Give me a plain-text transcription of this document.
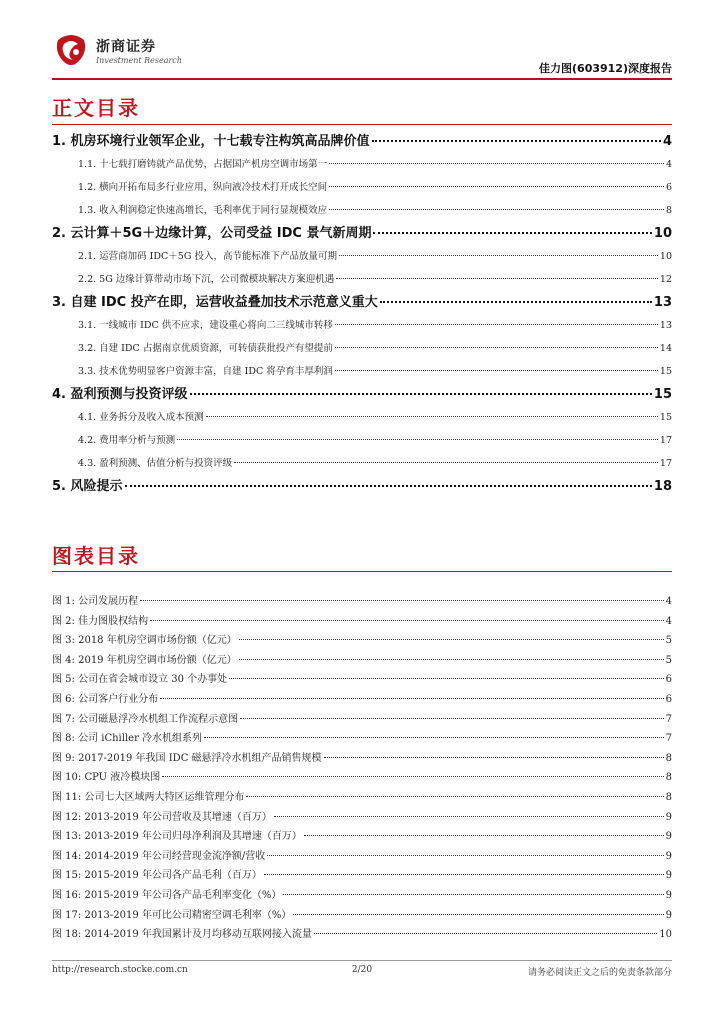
浙商证券
Investment Research
佳力图(603912)深度报告
正文目录
1. 机房环境行业领军企业，十七载专注构筑高品牌价值	4
1.1. 十七载打磨铸就产品优势，占据国产机房空调市场第一	4
1.2. 横向开拓布局多行业应用，纵向液冷技术打开成长空间	6
1.3. 收入利润稳定快速高增长，毛利率优于同行显规模效应	8
2. 云计算＋5G＋边缘计算，公司受益 IDC 景气新周期	10
2.1. 运营商加码 IDC＋5G 投入，高节能标准下产品放量可期	10
2.2. 5G 边缘计算带动市场下沉，公司微模块解决方案迎机遇	12
3. 自建 IDC 投产在即，运营收益叠加技术示范意义重大	13
3.1. 一线城市 IDC 供不应求，建设重心将向二三线城市转移	13
3.2. 自建 IDC 占据南京优质资源，可转债获批投产有望提前	14
3.3. 技术优势明显客户资源丰富，自建 IDC 将孕育丰厚利润	15
4. 盈利预测与投资评级	15
4.1. 业务拆分及收入成本预测	15
4.2. 费用率分析与预测	17
4.3. 盈利预测、估值分析与投资评级	17
5. 风险提示	18
图表目录
图 1: 公司发展历程	4
图 2: 佳力图股权结构	4
图 3: 2018 年机房空调市场份额（亿元）	5
图 4: 2019 年机房空调市场份额（亿元）	5
图 5: 公司在省会城市设立 30 个办事处	6
图 6: 公司客户行业分布	6
图 7: 公司磁悬浮冷水机组工作流程示意图	7
图 8: 公司 iChiller 冷水机组系列	7
图 9: 2017-2019 年我国 IDC 磁悬浮冷水机组产品销售规模	8
图 10: CPU 液冷模块图	8
图 11: 公司七大区域两大特区运维管理分布	8
图 12: 2013-2019 年公司营收及其增速（百万）	9
图 13: 2013-2019 年公司归母净利润及其增速（百万）	9
图 14: 2014-2019 年公司经营现金流净额/营收	9
图 15: 2015-2019 年公司各产品毛利（百万）	9
图 16: 2015-2019 年公司各产品毛利率变化（%）	9
图 17: 2013-2019 年可比公司精密空调毛利率（%）	9
图 18: 2014-2019 年我国累计及月均移动互联网接入流量	10
http://research.stocke.com.cn	2/20	请务必阅读正文之后的免责条款部分
